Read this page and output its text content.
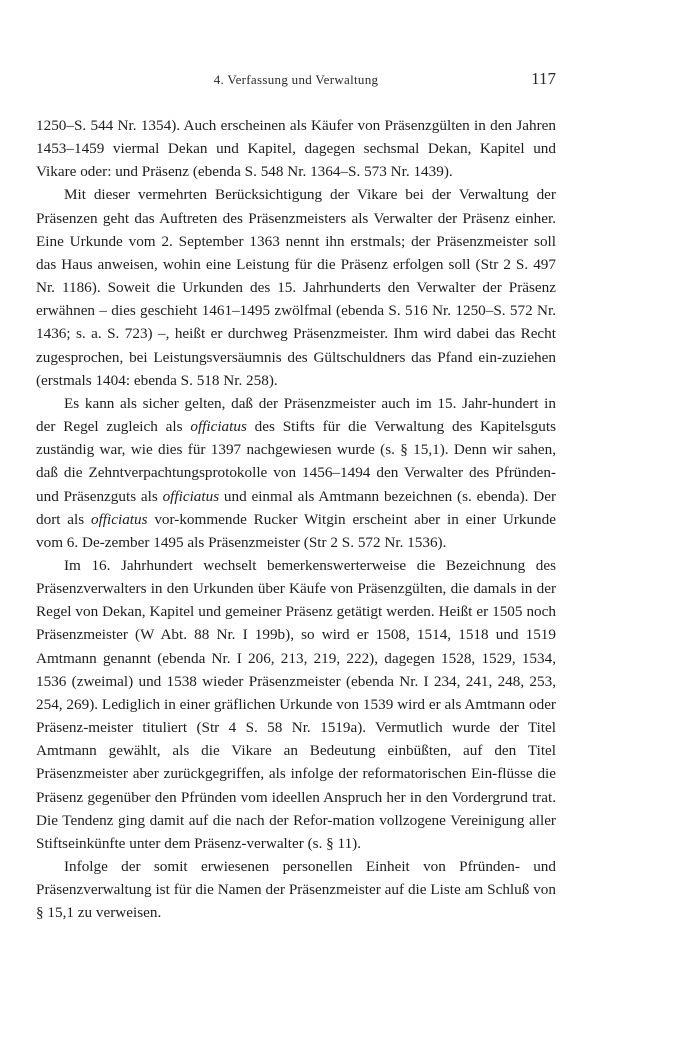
4. Verfassung und Verwaltung	117

1250–S. 544 Nr. 1354). Auch erscheinen als Käufer von Präsenzgülten in den Jahren 1453–1459 viermal Dekan und Kapitel, dagegen sechsmal Dekan, Kapitel und Vikare oder: und Präsenz (ebenda S. 548 Nr. 1364–S. 573 Nr. 1439).

Mit dieser vermehrten Berücksichtigung der Vikare bei der Verwaltung der Präsenzen geht das Auftreten des Präsenzmeisters als Verwalter der Präsenz einher. Eine Urkunde vom 2. September 1363 nennt ihn erstmals; der Präsenzmeister soll das Haus anweisen, wohin eine Leistung für die Präsenz erfolgen soll (Str 2 S. 497 Nr. 1186). Soweit die Urkunden des 15. Jahrhunderts den Verwalter der Präsenz erwähnen – dies geschieht 1461–1495 zwölfmal (ebenda S. 516 Nr. 1250–S. 572 Nr. 1436; s. a. S. 723) –, heißt er durchweg Präsenzmeister. Ihm wird dabei das Recht zugesprochen, bei Leistungsversäumnis des Gültschuldners das Pfand ein-zuziehen (erstmals 1404: ebenda S. 518 Nr. 258).

Es kann als sicher gelten, daß der Präsenzmeister auch im 15. Jahr-hundert in der Regel zugleich als officiatus des Stifts für die Verwaltung des Kapitelsguts zuständig war, wie dies für 1397 nachgewiesen wurde (s. § 15,1). Denn wir sahen, daß die Zehntverpachtungsprotokolle von 1456–1494 den Verwalter des Pfründen- und Präsenzguts als officiatus und einmal als Amtmann bezeichnen (s. ebenda). Der dort als officiatus vor-kommende Rucker Witgin erscheint aber in einer Urkunde vom 6. De-zember 1495 als Präsenzmeister (Str 2 S. 572 Nr. 1536).

Im 16. Jahrhundert wechselt bemerkenswerterweise die Bezeichnung des Präsenzverwalters in den Urkunden über Käufe von Präsenzgülten, die damals in der Regel von Dekan, Kapitel und gemeiner Präsenz getätigt werden. Heißt er 1505 noch Präsenzmeister (W Abt. 88 Nr. I 199b), so wird er 1508, 1514, 1518 und 1519 Amtmann genannt (ebenda Nr. I 206, 213, 219, 222), dagegen 1528, 1529, 1534, 1536 (zweimal) und 1538 wieder Präsenzmeister (ebenda Nr. I 234, 241, 248, 253, 254, 269). Lediglich in einer gräflichen Urkunde von 1539 wird er als Amtmann oder Präsenz-meister tituliert (Str 4 S. 58 Nr. 1519a). Vermutlich wurde der Titel Amtmann gewählt, als die Vikare an Bedeutung einbüßten, auf den Titel Präsenzmeister aber zurückgegriffen, als infolge der reformatorischen Ein-flüsse die Präsenz gegenüber den Pfründen vom ideellen Anspruch her in den Vordergrund trat. Die Tendenz ging damit auf die nach der Refor-mation vollzogene Vereinigung aller Stiftseinkünfte unter dem Präsenz-verwalter (s. § 11).

Infolge der somit erwiesenen personellen Einheit von Pfründen- und Präsenzverwaltung ist für die Namen der Präsenzmeister auf die Liste am Schluß von § 15,1 zu verweisen.
